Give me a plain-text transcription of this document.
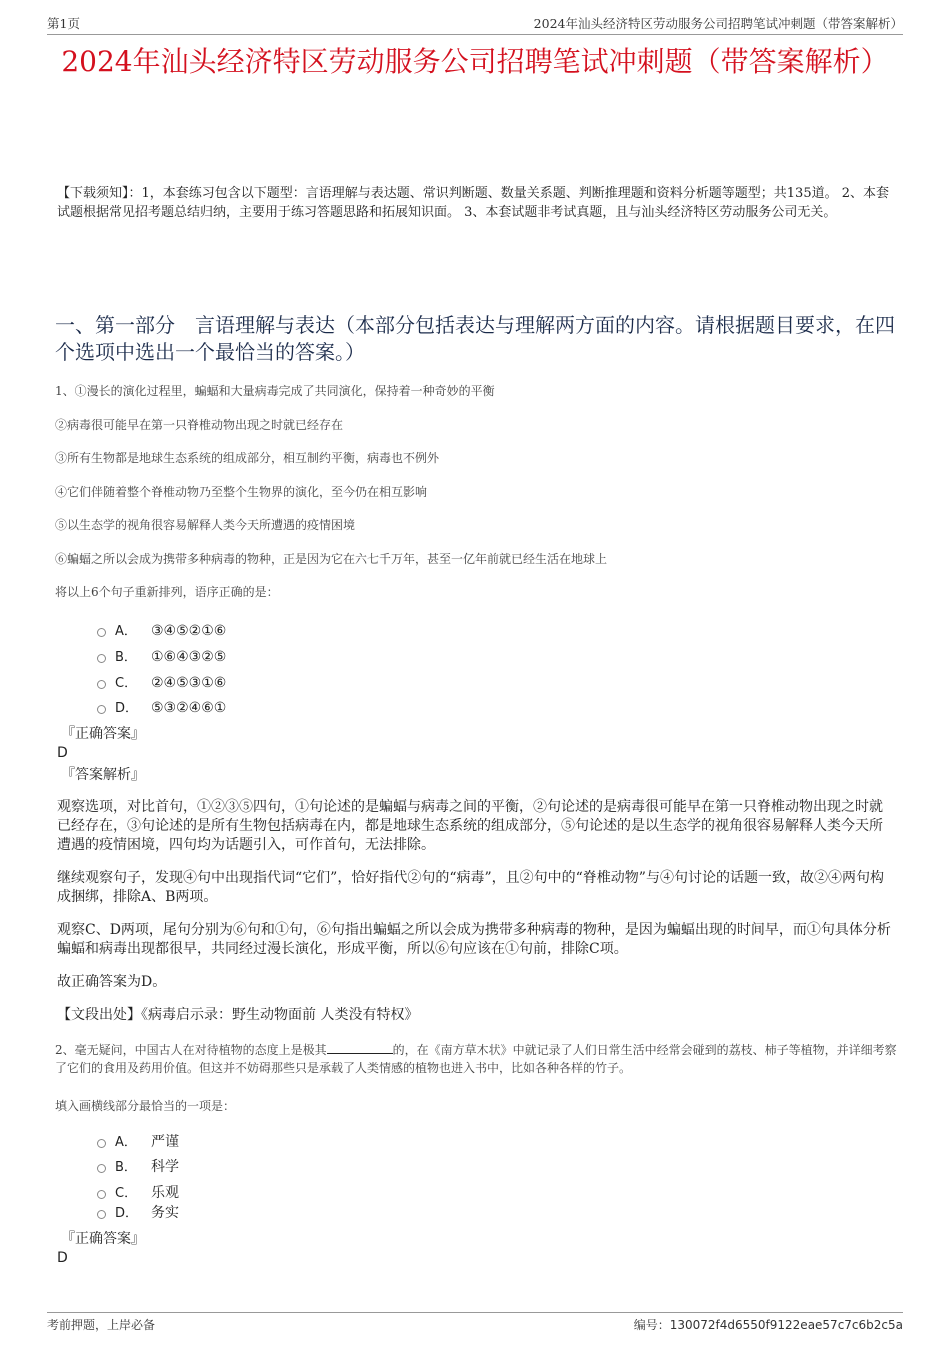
第1页	2024年汕头经济特区劳动服务公司招聘笔试冲刺题（带答案解析）
2024年汕头经济特区劳动服务公司招聘笔试冲刺题（带答案解析）

【下载须知】：1，本套练习包含以下题型：言语理解与表达题、常识判断题、数量关系题、判断推理题和资料分析题等题型；共135道。 2、本套试题根据常见招考题总结归纳，主要用于练习答题思路和拓展知识面。 3、本套试题非考试真题，且与汕头经济特区劳动服务公司无关。

一、第一部分　言语理解与表达（本部分包括表达与理解两方面的内容。请根据题目要求，在四个选项中选出一个最恰当的答案。）

1、①漫长的演化过程里，蝙蝠和大量病毒完成了共同演化，保持着一种奇妙的平衡

②病毒很可能早在第一只脊椎动物出现之时就已经存在

③所有生物都是地球生态系统的组成部分，相互制约平衡，病毒也不例外

④它们伴随着整个脊椎动物乃至整个生物界的演化，至今仍在相互影响

⑤以生态学的视角很容易解释人类今天所遭遇的疫情困境

⑥蝙蝠之所以会成为携带多种病毒的物种，正是因为它在六七千万年，甚至一亿年前就已经生活在地球上

将以上6个句子重新排列，语序正确的是：

A． ③④⑤②①⑥
B． ①⑥④③②⑤
C． ②④⑤③①⑥
D． ⑤③②④⑥①

『正确答案』

D

『答案解析』

观察选项，对比首句，①②③⑤四句，①句论述的是蝙蝠与病毒之间的平衡，②句论述的是病毒很可能早在第一只脊椎动物出现之时就已经存在，③句论述的是所有生物包括病毒在内，都是地球生态系统的组成部分，⑤句论述的是以生态学的视角很容易解释人类今天所遭遇的疫情困境，四句均为话题引入，可作首句，无法排除。

继续观察句子，发现④句中出现指代词“它们”，恰好指代②句的“病毒”，且②句中的“脊椎动物”与④句讨论的话题一致，故②④两句构成捆绑，排除A、B两项。

观察C、D两项，尾句分别为⑥句和①句，⑥句指出蝙蝠之所以会成为携带多种病毒的物种，是因为蝙蝠出现的时间早，而①句具体分析蝙蝠和病毒出现都很早，共同经过漫长演化，形成平衡，所以⑥句应该在①句前，排除C项。

故正确答案为D。

【文段出处】《病毒启示录：野生动物面前 人类没有特权》

2、毫无疑问，中国古人在对待植物的态度上是极其	的，在《南方草木状》中就记录了人们日常生活中经常会碰到的荔枝、柿子等植物，并详细考察了它们的食用及药用价值。但这并不妨碍那些只是承载了人类情感的植物也进入书中，比如各种各样的竹子。

填入画横线部分最恰当的一项是：

A． 严谨
B． 科学
C． 乐观
D． 务实

『正确答案』

D

考前押题，上岸必备	编号：130072f4d6550f9122eae57c7c6b2c5a
